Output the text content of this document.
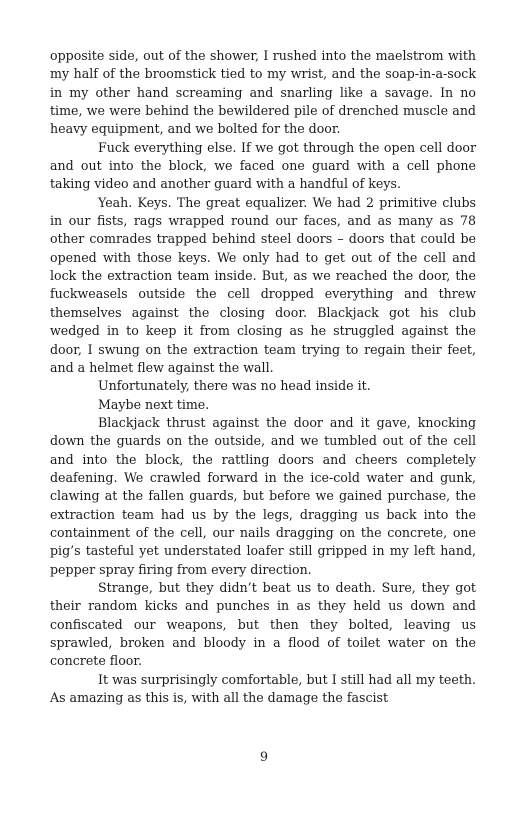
opposite side, out of the shower, I rushed into the maelstrom with my half of the broomstick tied to my wrist, and the soap-in-a-sock in my other hand screaming and snarling like a savage. In no time, we were behind the bewildered pile of drenched muscle and heavy equipment, and we bolted for the door.

Fuck everything else. If we got through the open cell door and out into the block, we faced one guard with a cell phone taking video and another guard with a handful of keys.

Yeah. Keys. The great equalizer. We had 2 primitive clubs in our fists, rags wrapped round our faces, and as many as 78 other comrades trapped behind steel doors – doors that could be opened with those keys. We only had to get out of the cell and lock the extraction team inside. But, as we reached the door, the fuckweasels outside the cell dropped everything and threw themselves against the closing door. Blackjack got his club wedged in to keep it from closing as he struggled against the door, I swung on the extraction team trying to regain their feet, and a helmet flew against the wall.

Unfortunately, there was no head inside it.

Maybe next time.

Blackjack thrust against the door and it gave, knocking down the guards on the outside, and we tumbled out of the cell and into the block, the rattling doors and cheers completely deafening. We crawled forward in the ice-cold water and gunk, clawing at the fallen guards, but before we gained purchase, the extraction team had us by the legs, dragging us back into the containment of the cell, our nails dragging on the concrete, one pig’s tasteful yet understated loafer still gripped in my left hand, pepper spray firing from every direction.

Strange, but they didn’t beat us to death. Sure, they got their random kicks and punches in as they held us down and confiscated our weapons, but then they bolted, leaving us sprawled, broken and bloody in a flood of toilet water on the concrete floor.

It was surprisingly comfortable, but I still had all my teeth. As amazing as this is, with all the damage the fascist

9
